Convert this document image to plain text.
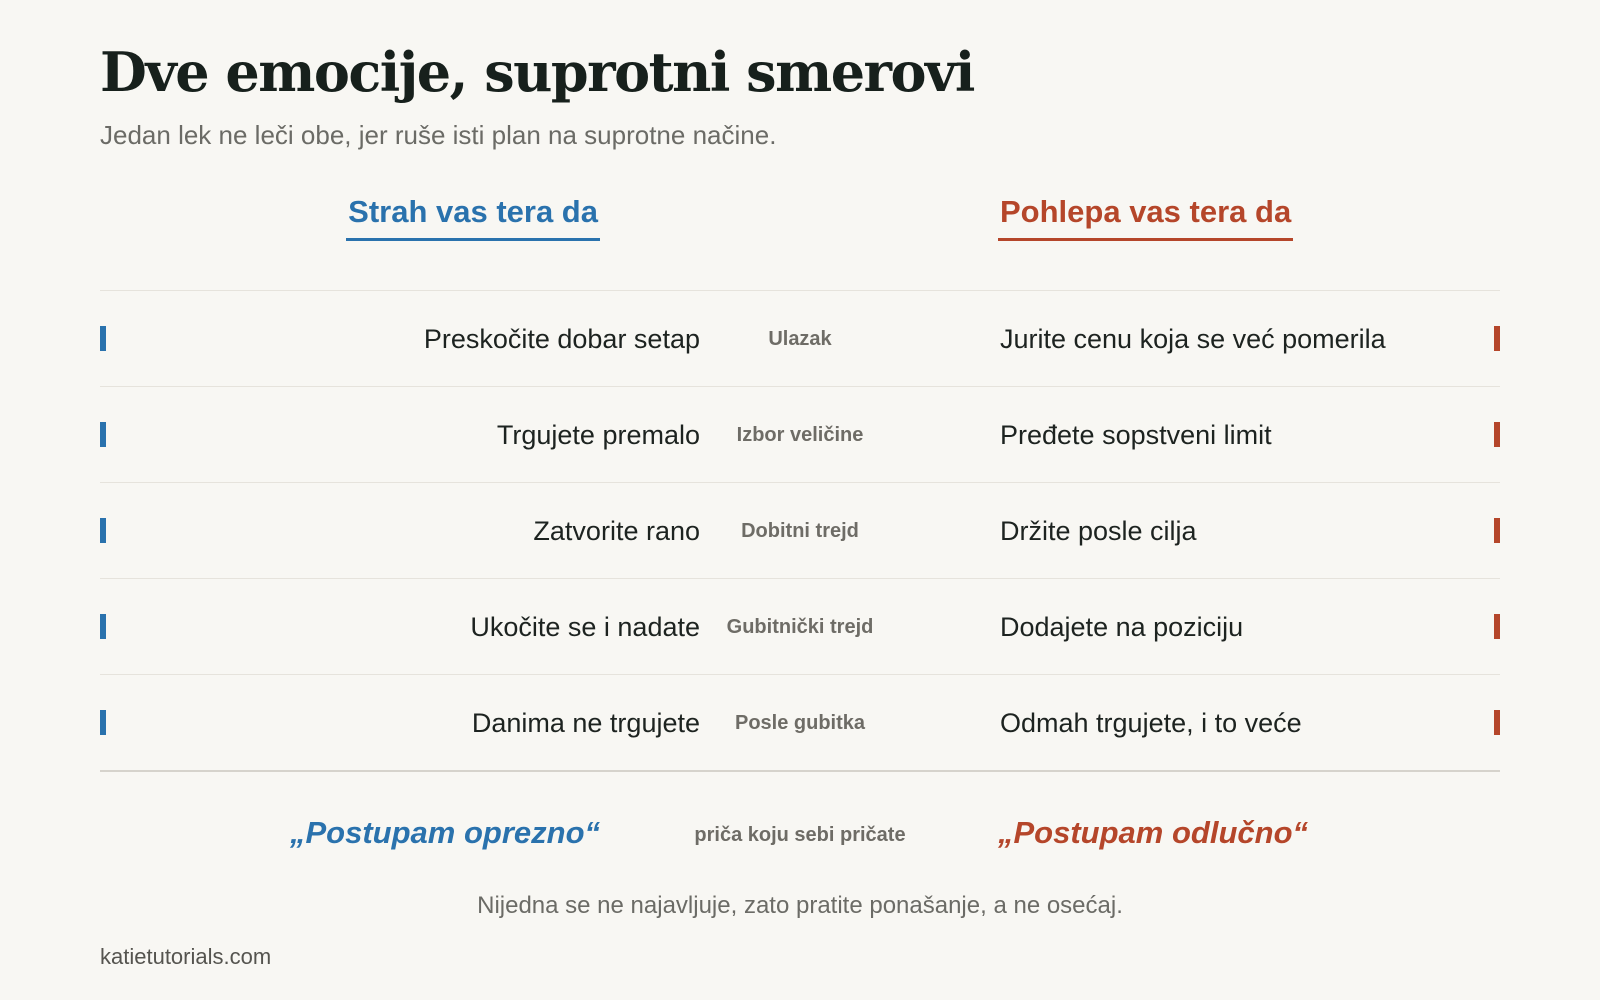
Dve emocije, suprotni smerovi
Jedan lek ne leči obe, jer ruše isti plan na suprotne načine.
Strah vas tera da	Pohlepa vas tera da
Preskočite dobar setap	Ulazak	Jurite cenu koja se već pomerila
Trgujete premalo	Izbor veličine	Pređete sopstveni limit
Zatvorite rano	Dobitni trejd	Držite posle cilja
Ukočite se i nadate	Gubitnički trejd	Dodajete na poziciju
Danima ne trgujete	Posle gubitka	Odmah trgujete, i to veće
„Postupam oprezno“	priča koju sebi pričate	„Postupam odlučno“
Nijedna se ne najavljuje, zato pratite ponašanje, a ne osećaj.
katietutorials.com
